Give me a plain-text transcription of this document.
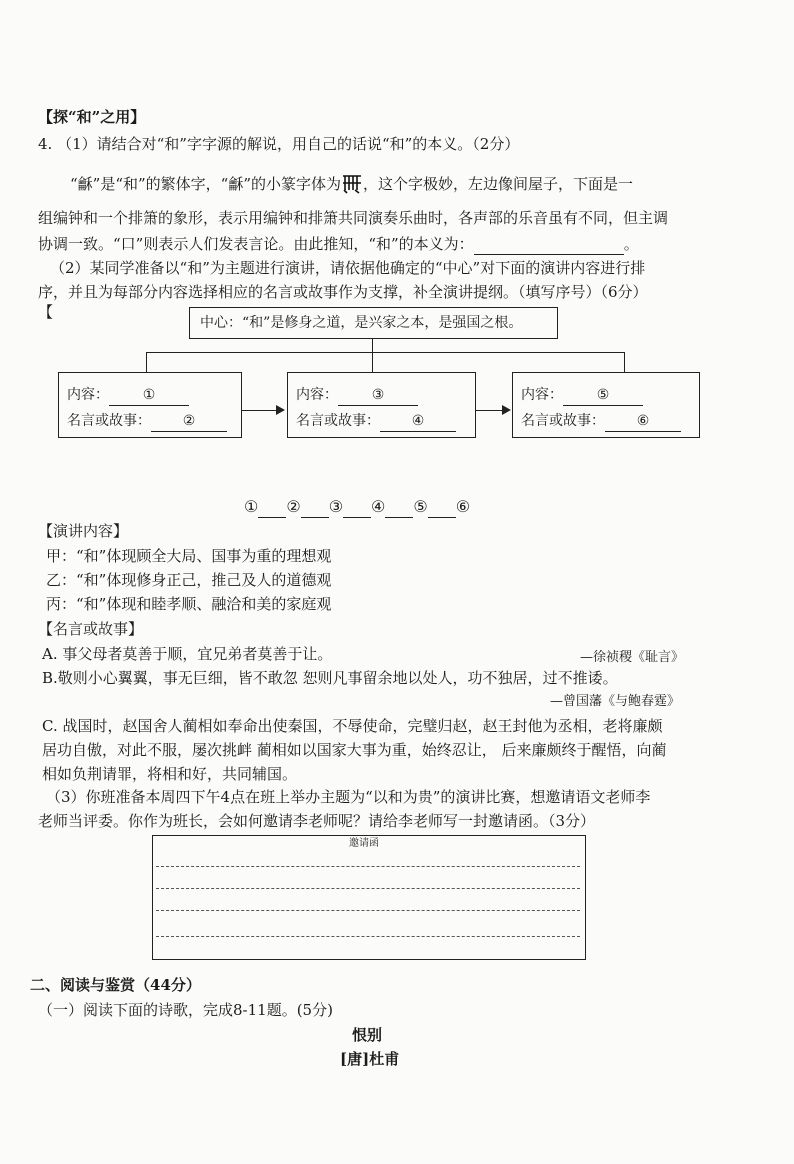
【探“和”之用】
4. （1）请结合对“和”字字源的解说，用自己的话说“和”的本义。（2分）
“龢”是“和”的繁体字，“龢”的小篆字体为 ，这个字极妙，左边像间屋子，下面是一
组编钟和一个排箫的象形，表示用编钟和排箫共同演奏乐曲时，各声部的乐音虽有不同，但主调
协调一致。“口”则表示人们发表言论。由此推知，“和”的本义为：	。
（2）某同学准备以“和”为主题进行演讲，请依据他确定的“中心”对下面的演讲内容进行排
序，并且为每部分内容选择相应的名言或故事作为支撑，补全演讲提纲。（填写序号）（6分）
【
中心：“和”是修身之道，是兴家之本，是强国之根。
内容： ①
名言或故事： ②
内容： ③
名言或故事： ④
内容： ⑤
名言或故事： ⑥
① ② ③ ④ ⑤ ⑥
【演讲内容】
甲：“和”体现顾全大局、国事为重的理想观
乙：“和”体现修身正己，推己及人的道德观
丙：“和”体现和睦孝顺、融洽和美的家庭观
【名言或故事】
A. 事父母者莫善于顺，宜兄弟者莫善于让。	—徐祯稷《耻言》
B.敬则小心翼翼，事无巨细，皆不敢忽 恕则凡事留余地以处人，功不独居，过不推诿。
—曾国藩《与鲍春霆》
C. 战国时，赵国舍人蔺相如奉命出使秦国，不辱使命，完璧归赵，赵王封他为丞相，老将廉颇
居功自傲，对此不服，屡次挑衅 蔺相如以国家大事为重，始终忍让， 后来廉颇终于醒悟，向蔺
相如负荆请罪，将相和好，共同辅国。
（3）你班准备本周四下午4点在班上举办主题为“以和为贵”的演讲比赛，想邀请语文老师李
老师当评委。你作为班长，会如何邀请李老师呢？请给李老师写一封邀请函。（3分）
邀请函
二、阅读与鉴赏（44分）
（一）阅读下面的诗歌，完成8-11题。(5分)
恨别
[唐]杜甫
